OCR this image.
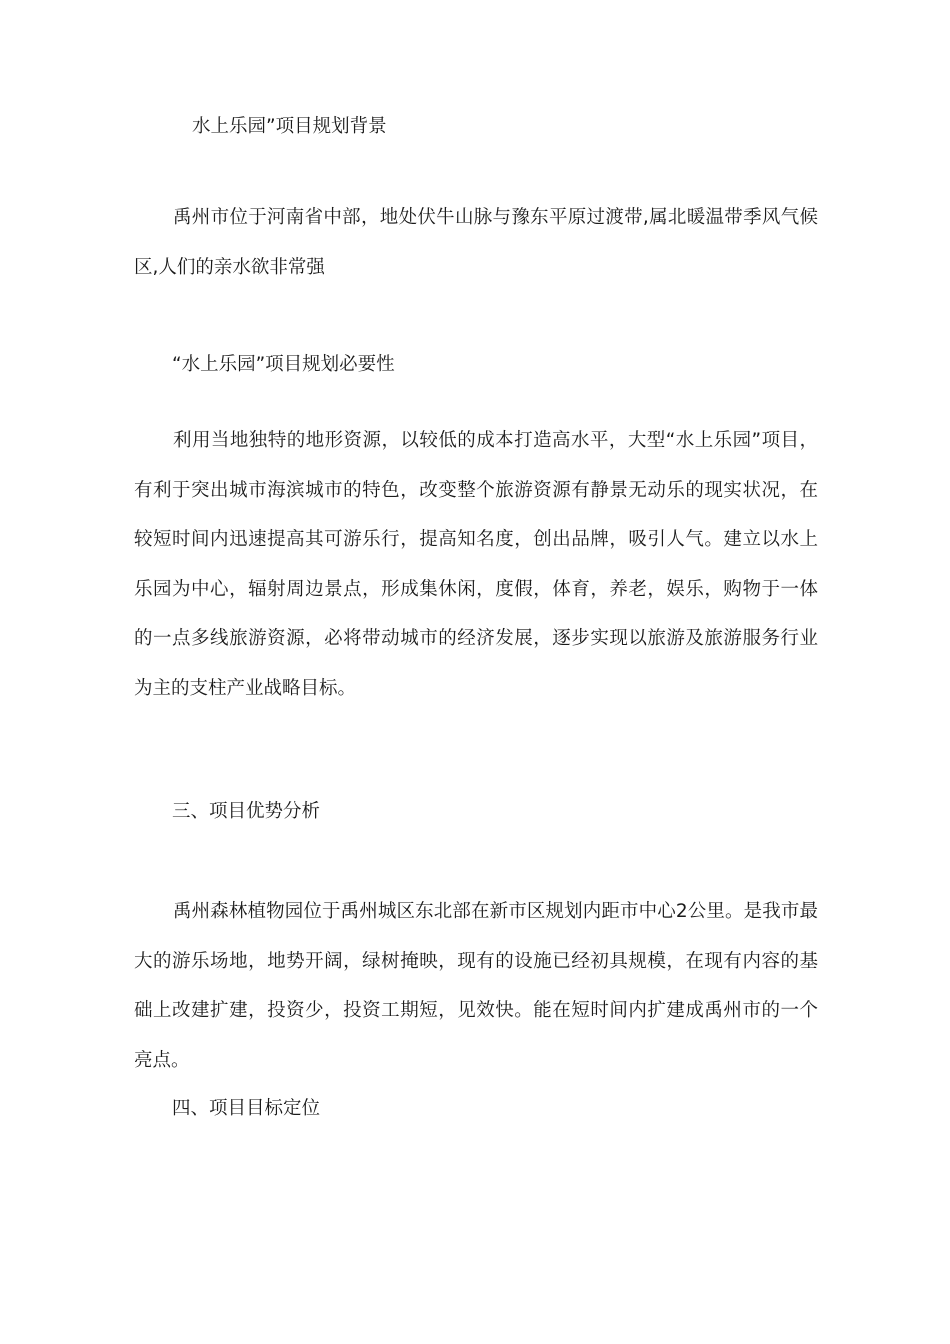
水上乐园”项目规划背景
禹州市位于河南省中部，地处伏牛山脉与豫东平原过渡带,属北暖温带季风气候区,人们的亲水欲非常强
“水上乐园”项目规划必要性
利用当地独特的地形资源，以较低的成本打造高水平，大型“水上乐园”项目，有利于突出城市海滨城市的特色，改变整个旅游资源有静景无动乐的现实状况，在较短时间内迅速提高其可游乐行，提高知名度，创出品牌，吸引人气。建立以水上乐园为中心，辐射周边景点，形成集休闲，度假，体育，养老，娱乐，购物于一体的一点多线旅游资源，必将带动城市的经济发展，逐步实现以旅游及旅游服务行业为主的支柱产业战略目标。
三、项目优势分析
禹州森林植物园位于禹州城区东北部在新市区规划内距市中心2公里。是我市最大的游乐场地，地势开阔，绿树掩映，现有的设施已经初具规模，在现有内容的基础上改建扩建，投资少，投资工期短，见效快。能在短时间内扩建成禹州市的一个亮点。
四、项目目标定位
